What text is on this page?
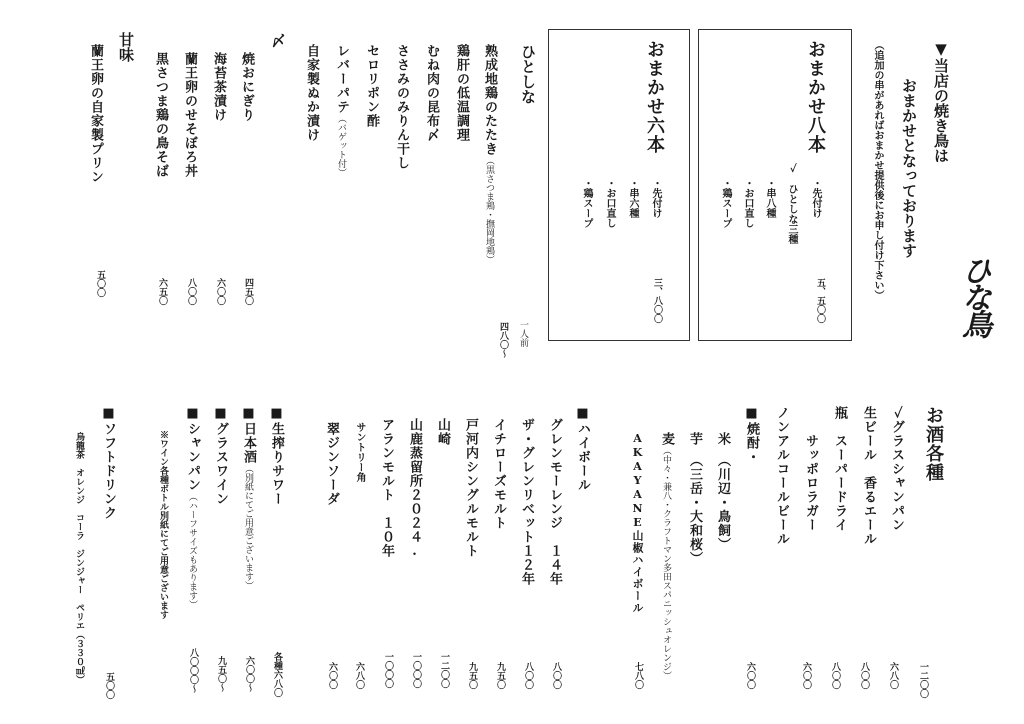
▼当店の焼き鳥は
おまかせとなっております
（追加の串があればおまかせ提供後にお申し付け下さい） ひな鳥
おまかせ八本
・先付け
✓ ひとしな三種
・串八種
・お口直し
・鶏スープ
五、五〇〇
おまかせ六本
・先付け
・串六種
・お口直し
・鶏スープ
三、八〇〇
ひとしな
熟成地鶏のたたき（黒さつま鶏・撫岡地鶏）
鶏肝の低温調理
むね肉の昆布〆
ささみのみりん干し
セロリポン酢
レバーパテ（バゲット付）
自家製ぬか漬け
一人前
四八〇〜
〆
焼おにぎり
海苔茶漬け
蘭王卵のせそぼろ丼
黒さつま鶏の鳥そば
四五〇
六〇〇
八〇〇
六五〇
甘味
蘭王卵の自家製プリン
五〇〇
お酒各種
✓グラスシャンパン
生ビール　香るエール
瓶　スーパードライ
　　サッポロラガー
ノンアルコールビール
一二〇〇
六八〇
八〇〇
八〇〇
六〇〇
■焼酎・
六〇〇
米　（川辺・鳥飼）
芋　（三岳・大和桜）
麦（中々・兼八・クラフトマン多田スパニッシュオレンジ）
AKAYANE山椒ハイボール
七八〇
■ハイボール
グレンモーレンジ　１４年
ザ・グレンリベット１２年
イチローズモルト
戸河内シングルモルト
山崎
山鹿蒸留所２０２４.
アランモルト　１０年
八〇〇
八〇〇
九五〇
九五〇
一二〇〇
一〇〇〇
一〇〇〇
サントリー角
六八〇
翠ジンソーダ
六〇〇
■生搾りサワー
各種六八〇
■日本酒（別紙にてご用意ございます）
六〇〇〜
■グラスワイン
九五〇〜
■シャンパン（ハーフサイズもあります）
八〇〇〇〜
※ワイン各種ボトル別紙にてご用意ございます
■ソフトドリンク
烏龍茶　オレンジ　コーラ　ジンジャー　ペリエ（３３０㎖）
五〇〇
